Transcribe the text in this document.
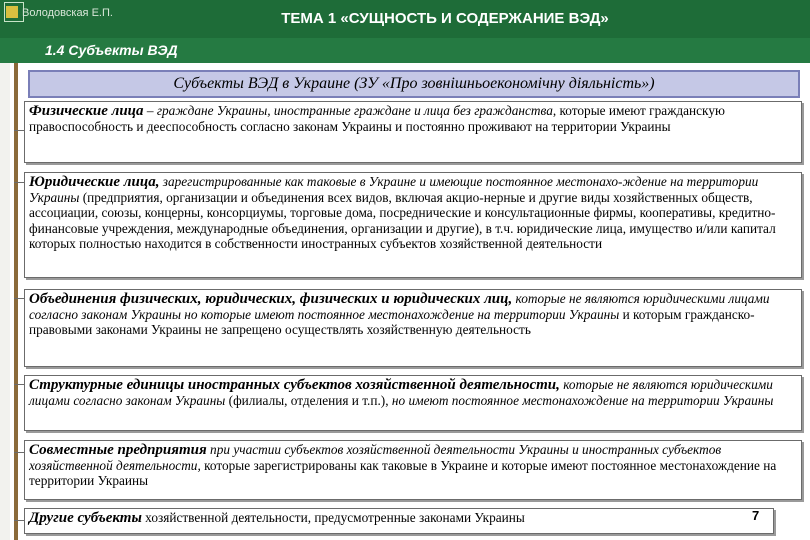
Володовская Е.П.	ТЕМА 1 «СУЩНОСТЬ И СОДЕРЖАНИЕ ВЭД»
1.4 Субъекты ВЭД
Субъекты ВЭД в Украине (ЗУ «Про зовнішньоекономічну діяльність»)
Физические лица – граждане Украины, иностранные граждане и лица без гражданства, которые имеют гражданскую правоспособность и дееспособность согласно законам Украины и постоянно проживают на территории Украины
Юридические лица, зарегистрированные как таковые в Украине и имеющие постоянное местонахо-ждение на территории Украины (предприятия, организации и объединения всех видов, включая акцио-нерные и другие виды хозяйственных обществ, ассоциации, союзы, концерны, консорциумы, торговые дома, посреднические и консультационные фирмы, кооперативы, кредитно-финансовые учреждения, международные объединения, организации и другие), в т.ч. юридические лица, имущество и/или капитал которых полностью находится в собственности иностранных субъектов хозяйственной деятельности
Объединения физических, юридических, физических и юридических лиц, которые не являются юридическими лицами согласно законам Украины но которые имеют постоянное местонахождение на территории Украины и которым гражданско-правовыми законами Украины не запрещено осуществлять хозяйственную деятельность
Структурные единицы иностранных субъектов хозяйственной деятельности, которые не являются юридическими лицами согласно законам Украины (филиалы, отделения и т.п.), но имеют постоянное местонахождение на территории Украины
Совместные предприятия при участии субъектов хозяйственной деятельности Украины и иностранных субъектов хозяйственной деятельности, которые зарегистрированы как таковые в Украине и которые имеют постоянное местонахождение на территории Украины
Другие субъекты хозяйственной деятельности, предусмотренные законами Украины	7
